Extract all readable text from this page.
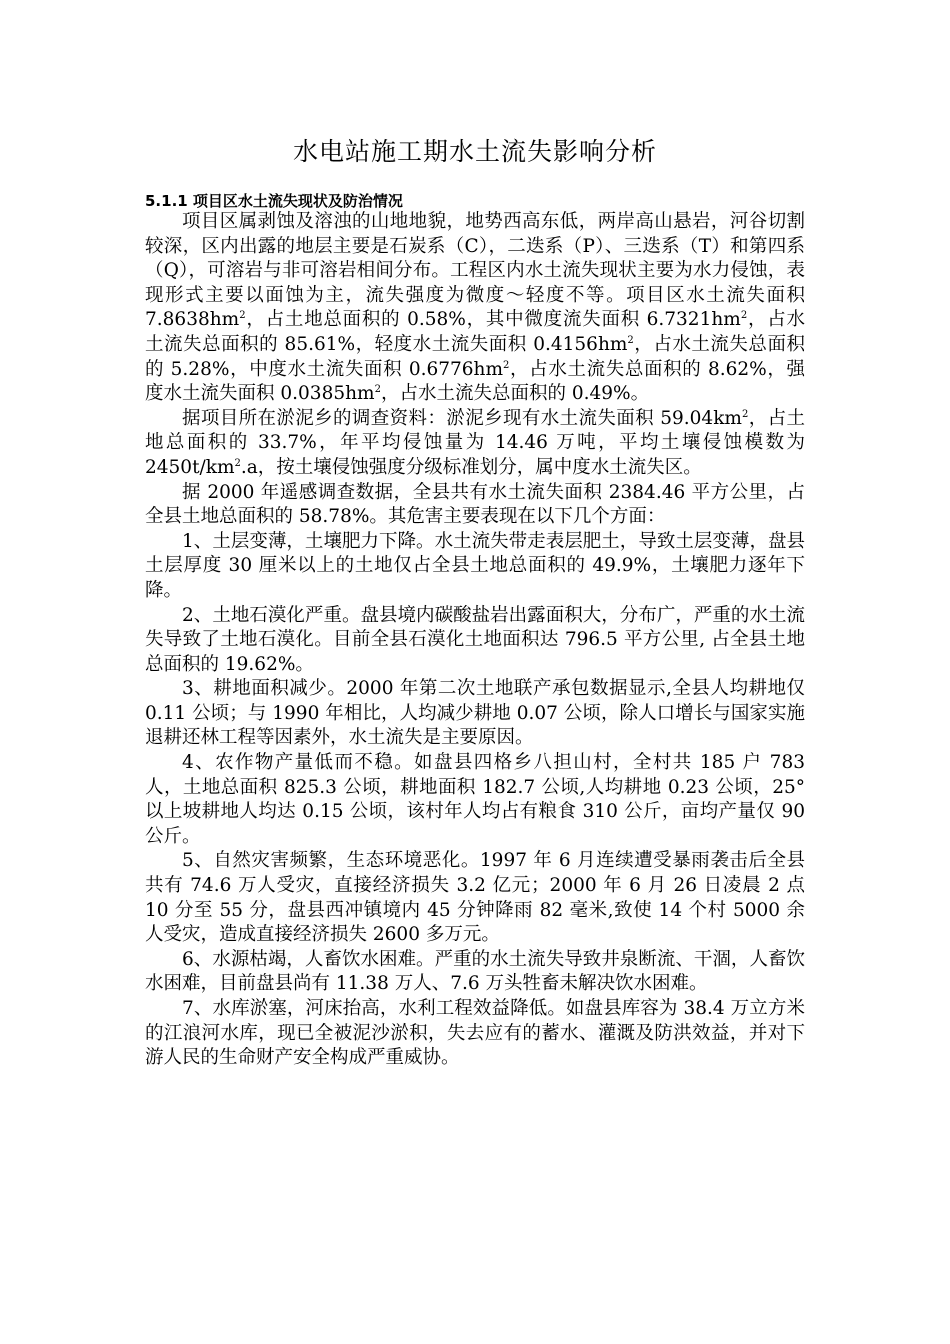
水电站施工期水土流失影响分析
5.1.1 项目区水土流失现状及防治情况

项目区属剥蚀及溶浊的山地地貌，地势西高东低，两岸高山悬岩，河谷切割较深，区内出露的地层主要是石炭系（C），二迭系（P）、三迭系（T）和第四系（Q），可溶岩与非可溶岩相间分布。工程区内水土流失现状主要为水力侵蚀，表现形式主要以面蚀为主，流失强度为微度～轻度不等。项目区水土流失面积 $7.8638hm^2$，占土地总面积的 0.58%，其中微度流失面积 $6.7321hm^2$，占水土流失总面积的 85.61%，轻度水土流失面积 $0.4156hm^2$，占水土流失总面积的 5.28%，中度水土流失面积 $0.6776hm^2$，占水土流失总面积的 8.62%，强度水土流失面积 $0.0385hm^2$，占水土流失总面积的 0.49%。

据项目所在淤泥乡的调查资料：淤泥乡现有水土流失面积 $59.04km^2$，占土地总面积的 33.7%，年平均侵蚀量为 14.46 万吨，平均土壤侵蚀模数为 $2450t/km^2.a$，按土壤侵蚀强度分级标准划分，属中度水土流失区。

据 2000 年遥感调查数据，全县共有水土流失面积 2384.46 平方公里，占全县土地总面积的 58.78%。其危害主要表现在以下几个方面：

1、土层变薄，土壤肥力下降。水土流失带走表层肥土，导致土层变薄，盘县土层厚度 30 厘米以上的土地仅占全县土地总面积的 49.9%，土壤肥力逐年下降。

2、土地石漠化严重。盘县境内碳酸盐岩出露面积大，分布广，严重的水土流失导致了土地石漠化。目前全县石漠化土地面积达 796.5 平方公里, 占全县土地总面积的 19.62%。

3、耕地面积减少。2000 年第二次土地联产承包数据显示,全县人均耕地仅 0.11 公顷；与 1990 年相比，人均减少耕地 0.07 公顷，除人口增长与国家实施退耕还林工程等因素外，水土流失是主要原因。

4、农作物产量低而不稳。如盘县四格乡八担山村，全村共 185 户 783 人，土地总面积 825.3 公顷，耕地面积 182.7 公顷,人均耕地 0.23 公顷，25°以上坡耕地人均达 0.15 公顷，该村年人均占有粮食 310 公斤，亩均产量仅 90 公斤。

5、自然灾害频繁，生态环境恶化。1997 年 6 月连续遭受暴雨袭击后全县共有 74.6 万人受灾，直接经济损失 3.2 亿元；2000 年 6 月 26 日凌晨 2 点 10 分至 55 分，盘县西冲镇境内 45 分钟降雨 82 毫米,致使 14 个村 5000 余人受灾，造成直接经济损失 2600 多万元。

6、水源枯竭，人畜饮水困难。严重的水土流失导致井泉断流、干涸，人畜饮水困难，目前盘县尚有 11.38 万人、7.6 万头牲畜未解决饮水困难。

7、水库淤塞，河床抬高，水利工程效益降低。如盘县库容为 38.4 万立方米的江浪河水库，现已全被泥沙淤积，失去应有的蓄水、灌溉及防洪效益，并对下游人民的生命财产安全构成严重威协。
